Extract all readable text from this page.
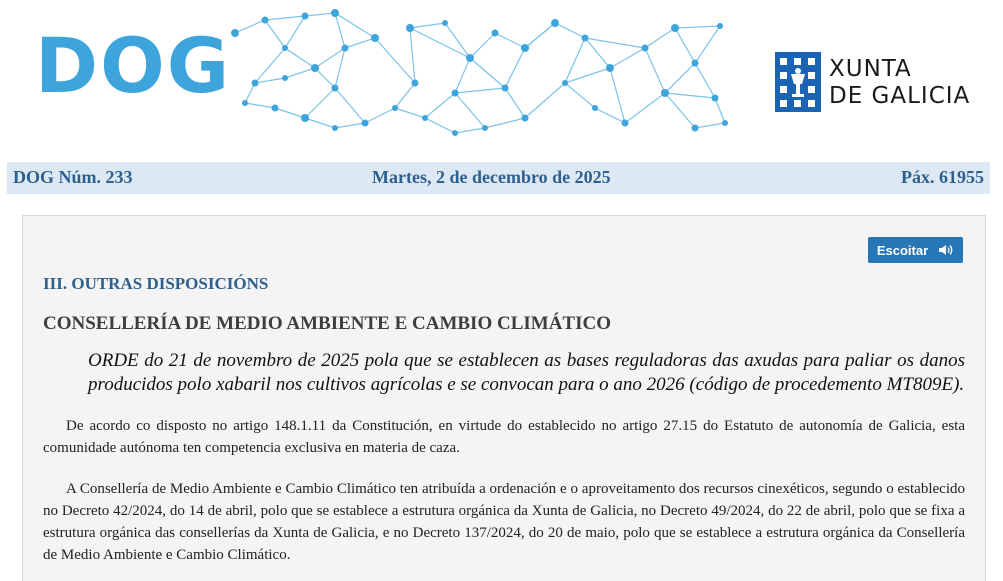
DOG	XUNTA
DE GALICIA
DOG Núm. 233	Martes, 2 de decembro de 2025	Páx. 61955
Escoitar
III. OUTRAS DISPOSICIÓNS
CONSELLERÍA DE MEDIO AMBIENTE E CAMBIO CLIMÁTICO
ORDE do 21 de novembro de 2025 pola que se establecen as bases reguladoras das axudas para paliar os danos producidos polo xabaril nos cultivos agrícolas e se convocan para o ano 2026 (código de procedemento MT809E).

De acordo co disposto no artigo 148.1.11 da Constitución, en virtude do establecido no artigo 27.15 do Estatuto de autonomía de Galicia, esta comunidade autónoma ten competencia exclusiva en materia de caza.

A Consellería de Medio Ambiente e Cambio Climático ten atribuída a ordenación e o aproveitamento dos recursos cinexéticos, segundo o establecido no Decreto 42/2024, do 14 de abril, polo que se establece a estrutura orgánica da Xunta de Galicia, no Decreto 49/2024, do 22 de abril, polo que se fixa a estrutura orgánica das consellerías da Xunta de Galicia, e no Decreto 137/2024, do 20 de maio, polo que se establece a estrutura orgánica da Consellería de Medio Ambiente e Cambio Climático.
